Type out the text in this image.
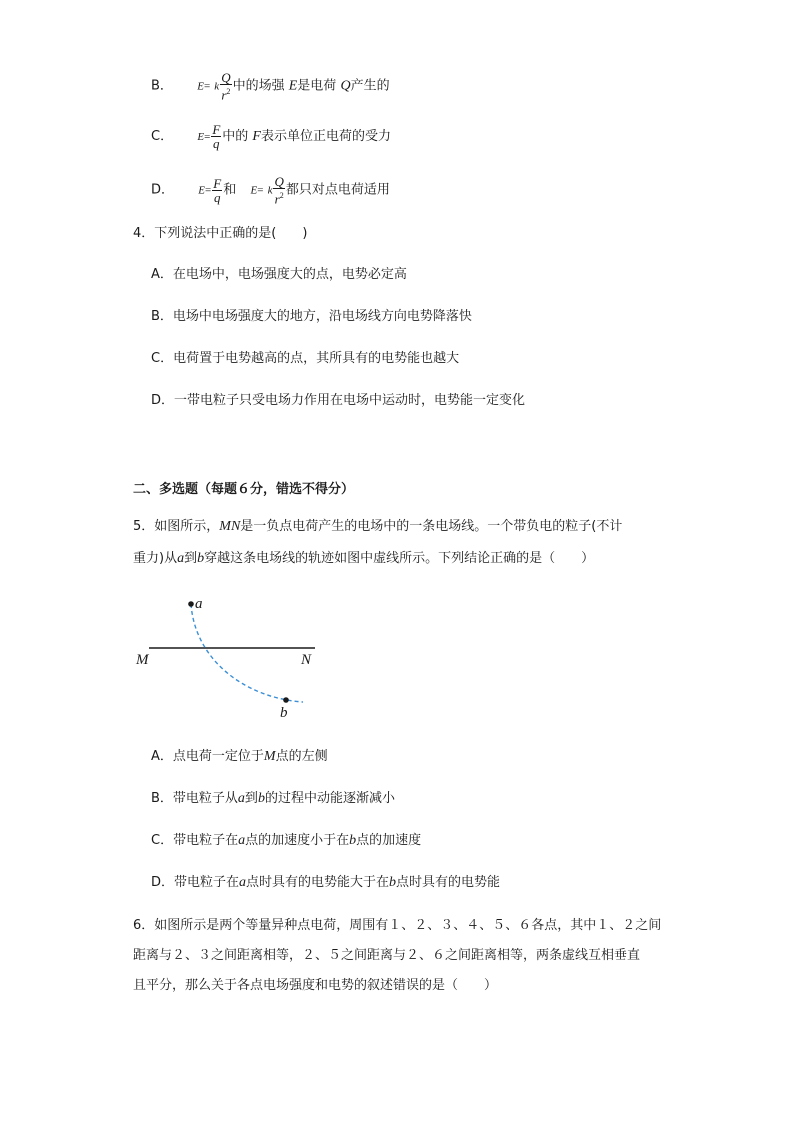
B． E= k $\frac{Q}{r^2}$ 中的场强 E是电荷 Q产生的
C． $E= \frac{F}{q}$ 中的 F表示单位正电荷的受力
D． $E= \frac{F}{q}$ 和 E= k $\frac{Q}{r^2}$ 都只对点电荷适用
4．下列说法中正确的是(　　)
A．在电场中，电场强度大的点，电势必定高
B．电场中电场强度大的地方，沿电场线方向电势降落快
C．电荷置于电势越高的点，其所具有的电势能也越大
D．一带电粒子只受电场力作用在电场中运动时，电势能一定变化
二、多选题（每题６分，错选不得分）
5．如图所示，MN是一负点电荷产生的电场中的一条电场线。一个带负电的粒子(不计
重力)从a到b穿越这条电场线的轨迹如图中虚线所示。下列结论正确的是（　　）
a
b
M	N
A．点电荷一定位于M点的左侧
B．带电粒子从a到b的过程中动能逐渐减小
C．带电粒子在a点的加速度小于在b点的加速度
D．带电粒子在a点时具有的电势能大于在b点时具有的电势能
6．如图所示是两个等量异种点电荷，周围有１、２、３、４、５、６各点，其中１、２之间
距离与２、３之间距离相等，２、５之间距离与２、６之间距离相等，两条虚线互相垂直
且平分，那么关于各点电场强度和电势的叙述错误的是（　　）
